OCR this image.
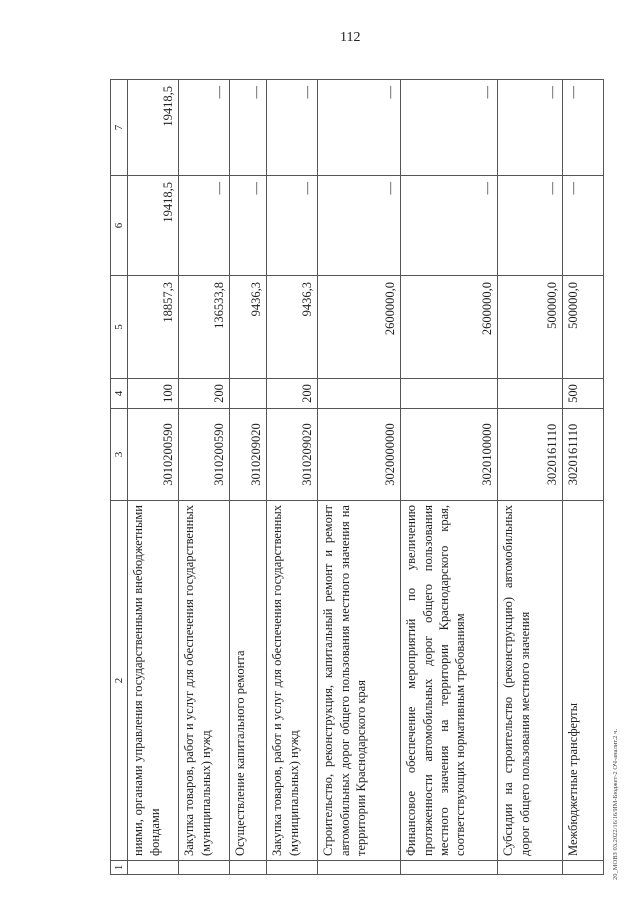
112
20_МОВЗ 03.2022/16/16/ИМ-Бюджет-2 ОЧ-аналит.2 ч.
1	2	3	4	5	6	7
	ниями, органами управления государственными внебюджетными фондами	3010200590	100	18857,3	19418,5	19418,5
	Закупка товаров, работ и услуг для обеспечения государственных (муниципальных) нужд	3010200590	200	136533,8	—	—
	Осуществление капитального ремонта	3010209020		9436,3	—	—
	Закупка товаров, работ и услуг для обеспечения государственных (муниципальных) нужд	3010209020	200	9436,3	—	—
	Строительство, реконструкция, капитальный ремонт и ремонт автомобильных дорог общего пользования местного значения на территории Краснодарского края	3020000000		2600000,0	—	—
	Финансовое обеспечение мероприятий по увеличению протяженности автомобильных дорог общего пользования местного значения на территории Краснодарского края, соответствующих нормативным требованиям	3020100000		2600000,0	—	—
	Субсидии на строительство (реконструкцию) автомобильных дорог общего пользования местного значения	3020161110		500000,0	—	—
	Межбюджетные трансферты	3020161110	500	500000,0	—	—
